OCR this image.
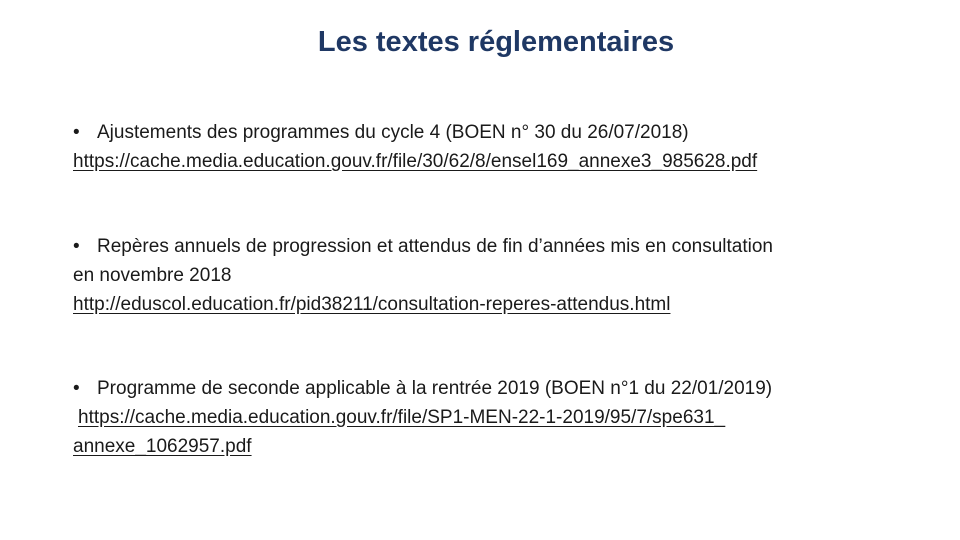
Les textes réglementaires
• Ajustements des programmes du cycle 4 (BOEN n° 30 du 26/07/2018)
https://cache.media.education.gouv.fr/file/30/62/8/ensel169_annexe3_985628.pdf
• Repères annuels de progression et attendus de fin d’années mis en consultation
en novembre 2018
http://eduscol.education.fr/pid38211/consultation-reperes-attendus.html
• Programme de seconde applicable à la rentrée 2019 (BOEN n°1 du 22/01/2019)
https://cache.media.education.gouv.fr/file/SP1-MEN-22-1-2019/95/7/spe631_
annexe_1062957.pdf
